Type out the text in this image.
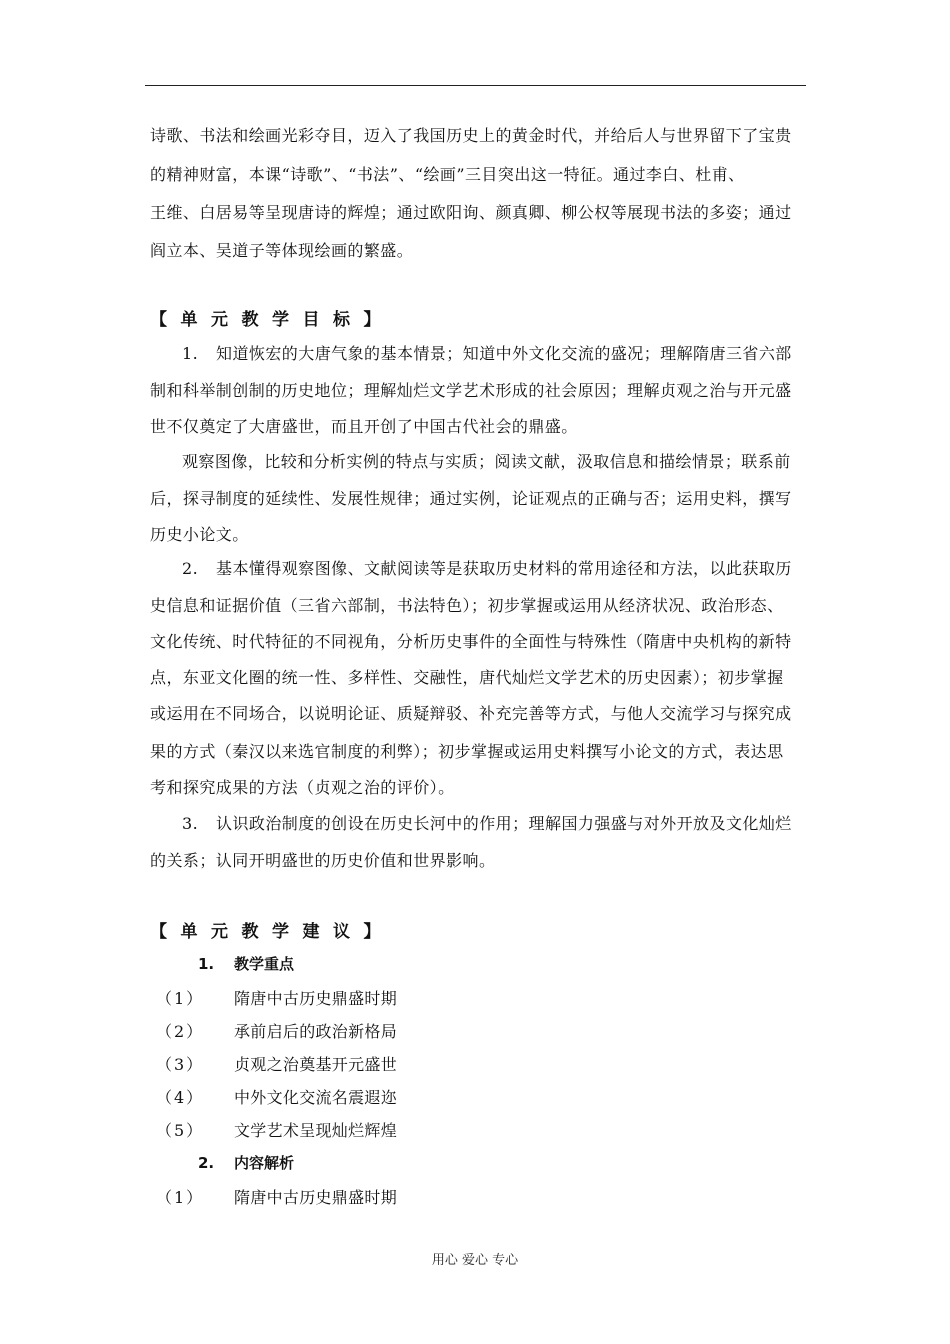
诗歌、书法和绘画光彩夺目，迈入了我国历史上的黄金时代，并给后人与世界留下了宝贵
的精神财富，本课“诗歌”、“书法”、“绘画”三目突出这一特征。通过李白、杜甫、
王维、白居易等呈现唐诗的辉煌；通过欧阳询、颜真卿、柳公权等展现书法的多姿；通过
阎立本、吴道子等体现绘画的繁盛。
【单元教学目标】
1. 知道恢宏的大唐气象的基本情景；知道中外文化交流的盛况；理解隋唐三省六部
制和科举制创制的历史地位；理解灿烂文学艺术形成的社会原因；理解贞观之治与开元盛
世不仅奠定了大唐盛世，而且开创了中国古代社会的鼎盛。
观察图像，比较和分析实例的特点与实质；阅读文献，汲取信息和描绘情景；联系前
后，探寻制度的延续性、发展性规律；通过实例，论证观点的正确与否；运用史料，撰写
历史小论文。
2. 基本懂得观察图像、文献阅读等是获取历史材料的常用途径和方法，以此获取历
史信息和证据价值（三省六部制，书法特色）；初步掌握或运用从经济状况、政治形态、
文化传统、时代特征的不同视角，分析历史事件的全面性与特殊性（隋唐中央机构的新特
点，东亚文化圈的统一性、多样性、交融性，唐代灿烂文学艺术的历史因素）；初步掌握
或运用在不同场合，以说明论证、质疑辩驳、补充完善等方式，与他人交流学习与探究成
果的方式（秦汉以来选官制度的利弊）；初步掌握或运用史料撰写小论文的方式，表达思
考和探究成果的方法（贞观之治的评价）。
3. 认识政治制度的创设在历史长河中的作用；理解国力强盛与对外开放及文化灿烂
的关系；认同开明盛世的历史价值和世界影响。
【单元教学建议】
1. 教学重点
（1） 隋唐中古历史鼎盛时期
（2） 承前启后的政治新格局
（3） 贞观之治奠基开元盛世
（4） 中外文化交流名震遐迩
（5） 文学艺术呈现灿烂辉煌
2. 内容解析
（1） 隋唐中古历史鼎盛时期
用心 爱心 专心
